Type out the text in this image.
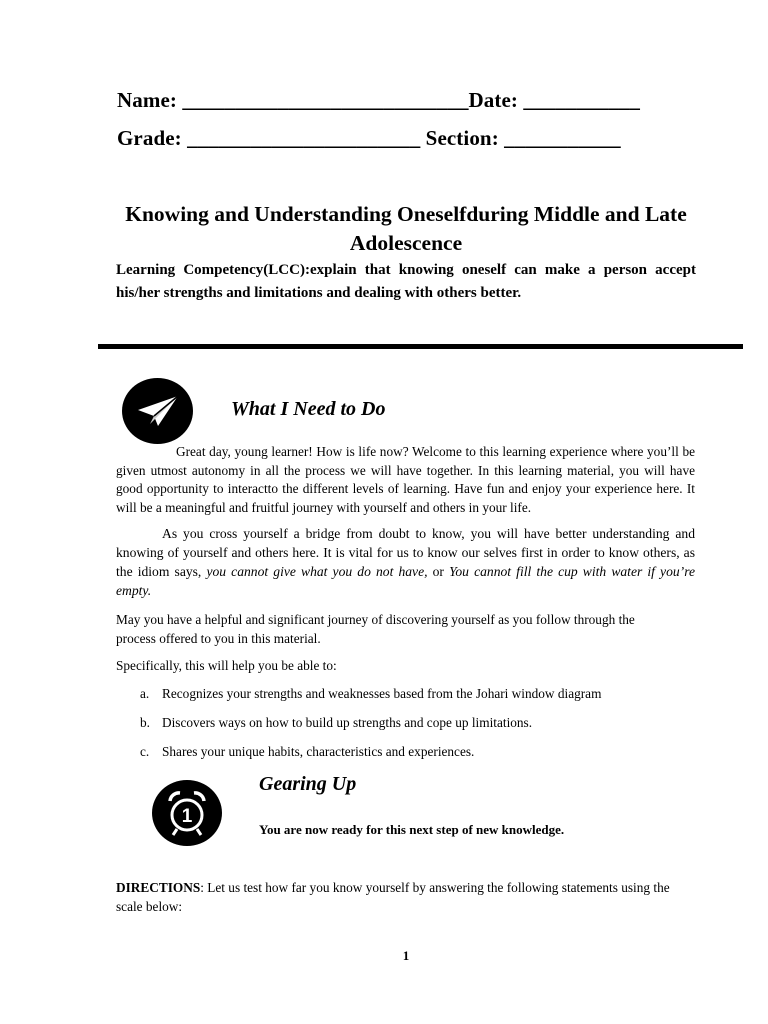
Name: ___________________________Date: ___________
Grade: ______________________ Section: ___________
Knowing and Understanding Oneselfduring Middle and Late Adolescence
Learning Competency(LCC):explain that knowing oneself can make a person accept his/her strengths and limitations and dealing with others better.
What I Need to Do
Great day, young learner! How is life now? Welcome to this learning experience where you’ll be given utmost autonomy in all the process we will have together. In this learning material, you will have good opportunity to interactto the different levels of learning. Have fun and enjoy your experience here. It will be a meaningful and fruitful journey with yourself and others in your life.
As you cross yourself a bridge from doubt to know, you will have better understanding and knowing of yourself and others here. It is vital for us to know our selves first in order to know others, as the idiom says, you cannot give what you do not have, or You cannot fill the cup with water if you’re empty.
May you have a helpful and significant journey of discovering yourself as you follow through the process offered to you in this material.
Specifically, this will help you be able to:
a. Recognizes your strengths and weaknesses based from the Johari window diagram
b. Discovers ways on how to build up strengths and cope up limitations.
c. Shares your unique habits, characteristics and experiences.
1
Gearing Up
You are now ready for this next step of new knowledge.
DIRECTIONS: Let us test how far you know yourself by answering the following statements using the scale below:
1
